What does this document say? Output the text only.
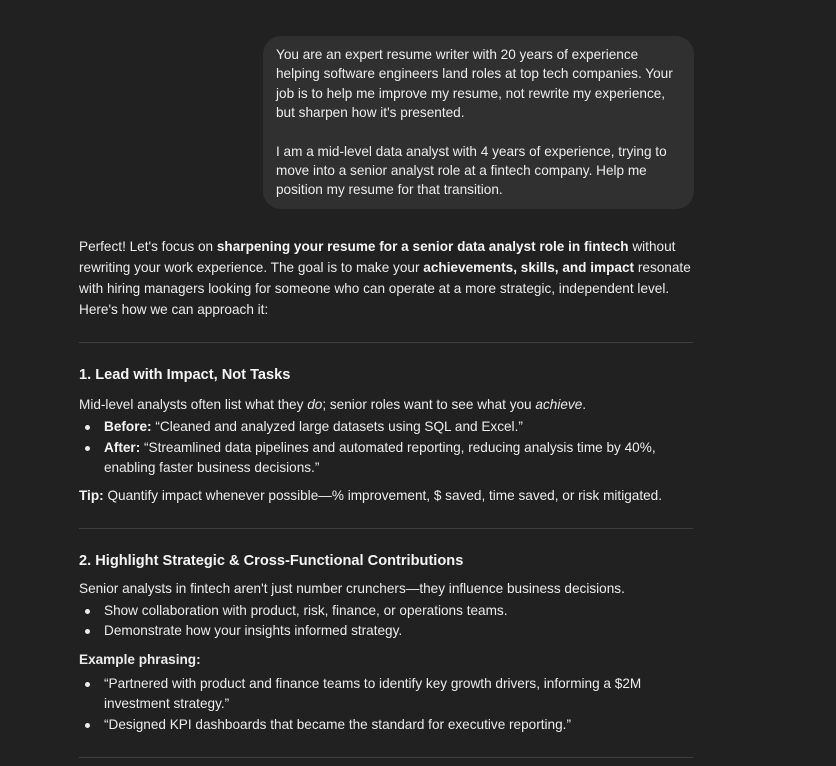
You are an expert resume writer with 20 years of experience helping software engineers land roles at top tech companies. Your job is to help me improve my resume, not rewrite my experience, but sharpen how it's presented.

I am a mid-level data analyst with 4 years of experience, trying to move into a senior analyst role at a fintech company. Help me position my resume for that transition.

Perfect! Let's focus on sharpening your resume for a senior data analyst role in fintech without rewriting your work experience. The goal is to make your achievements, skills, and impact resonate with hiring managers looking for someone who can operate at a more strategic, independent level. Here's how we can approach it:

1. Lead with Impact, Not Tasks

Mid-level analysts often list what they do; senior roles want to see what you achieve.

Before: “Cleaned and analyzed large datasets using SQL and Excel.”
After: “Streamlined data pipelines and automated reporting, reducing analysis time by 40%, enabling faster business decisions.”

Tip: Quantify impact whenever possible—% improvement, $ saved, time saved, or risk mitigated.

2. Highlight Strategic & Cross-Functional Contributions

Senior analysts in fintech aren't just number crunchers—they influence business decisions.

Show collaboration with product, risk, finance, or operations teams.
Demonstrate how your insights informed strategy.

Example phrasing:

“Partnered with product and finance teams to identify key growth drivers, informing a $2M investment strategy.”
“Designed KPI dashboards that became the standard for executive reporting.”
